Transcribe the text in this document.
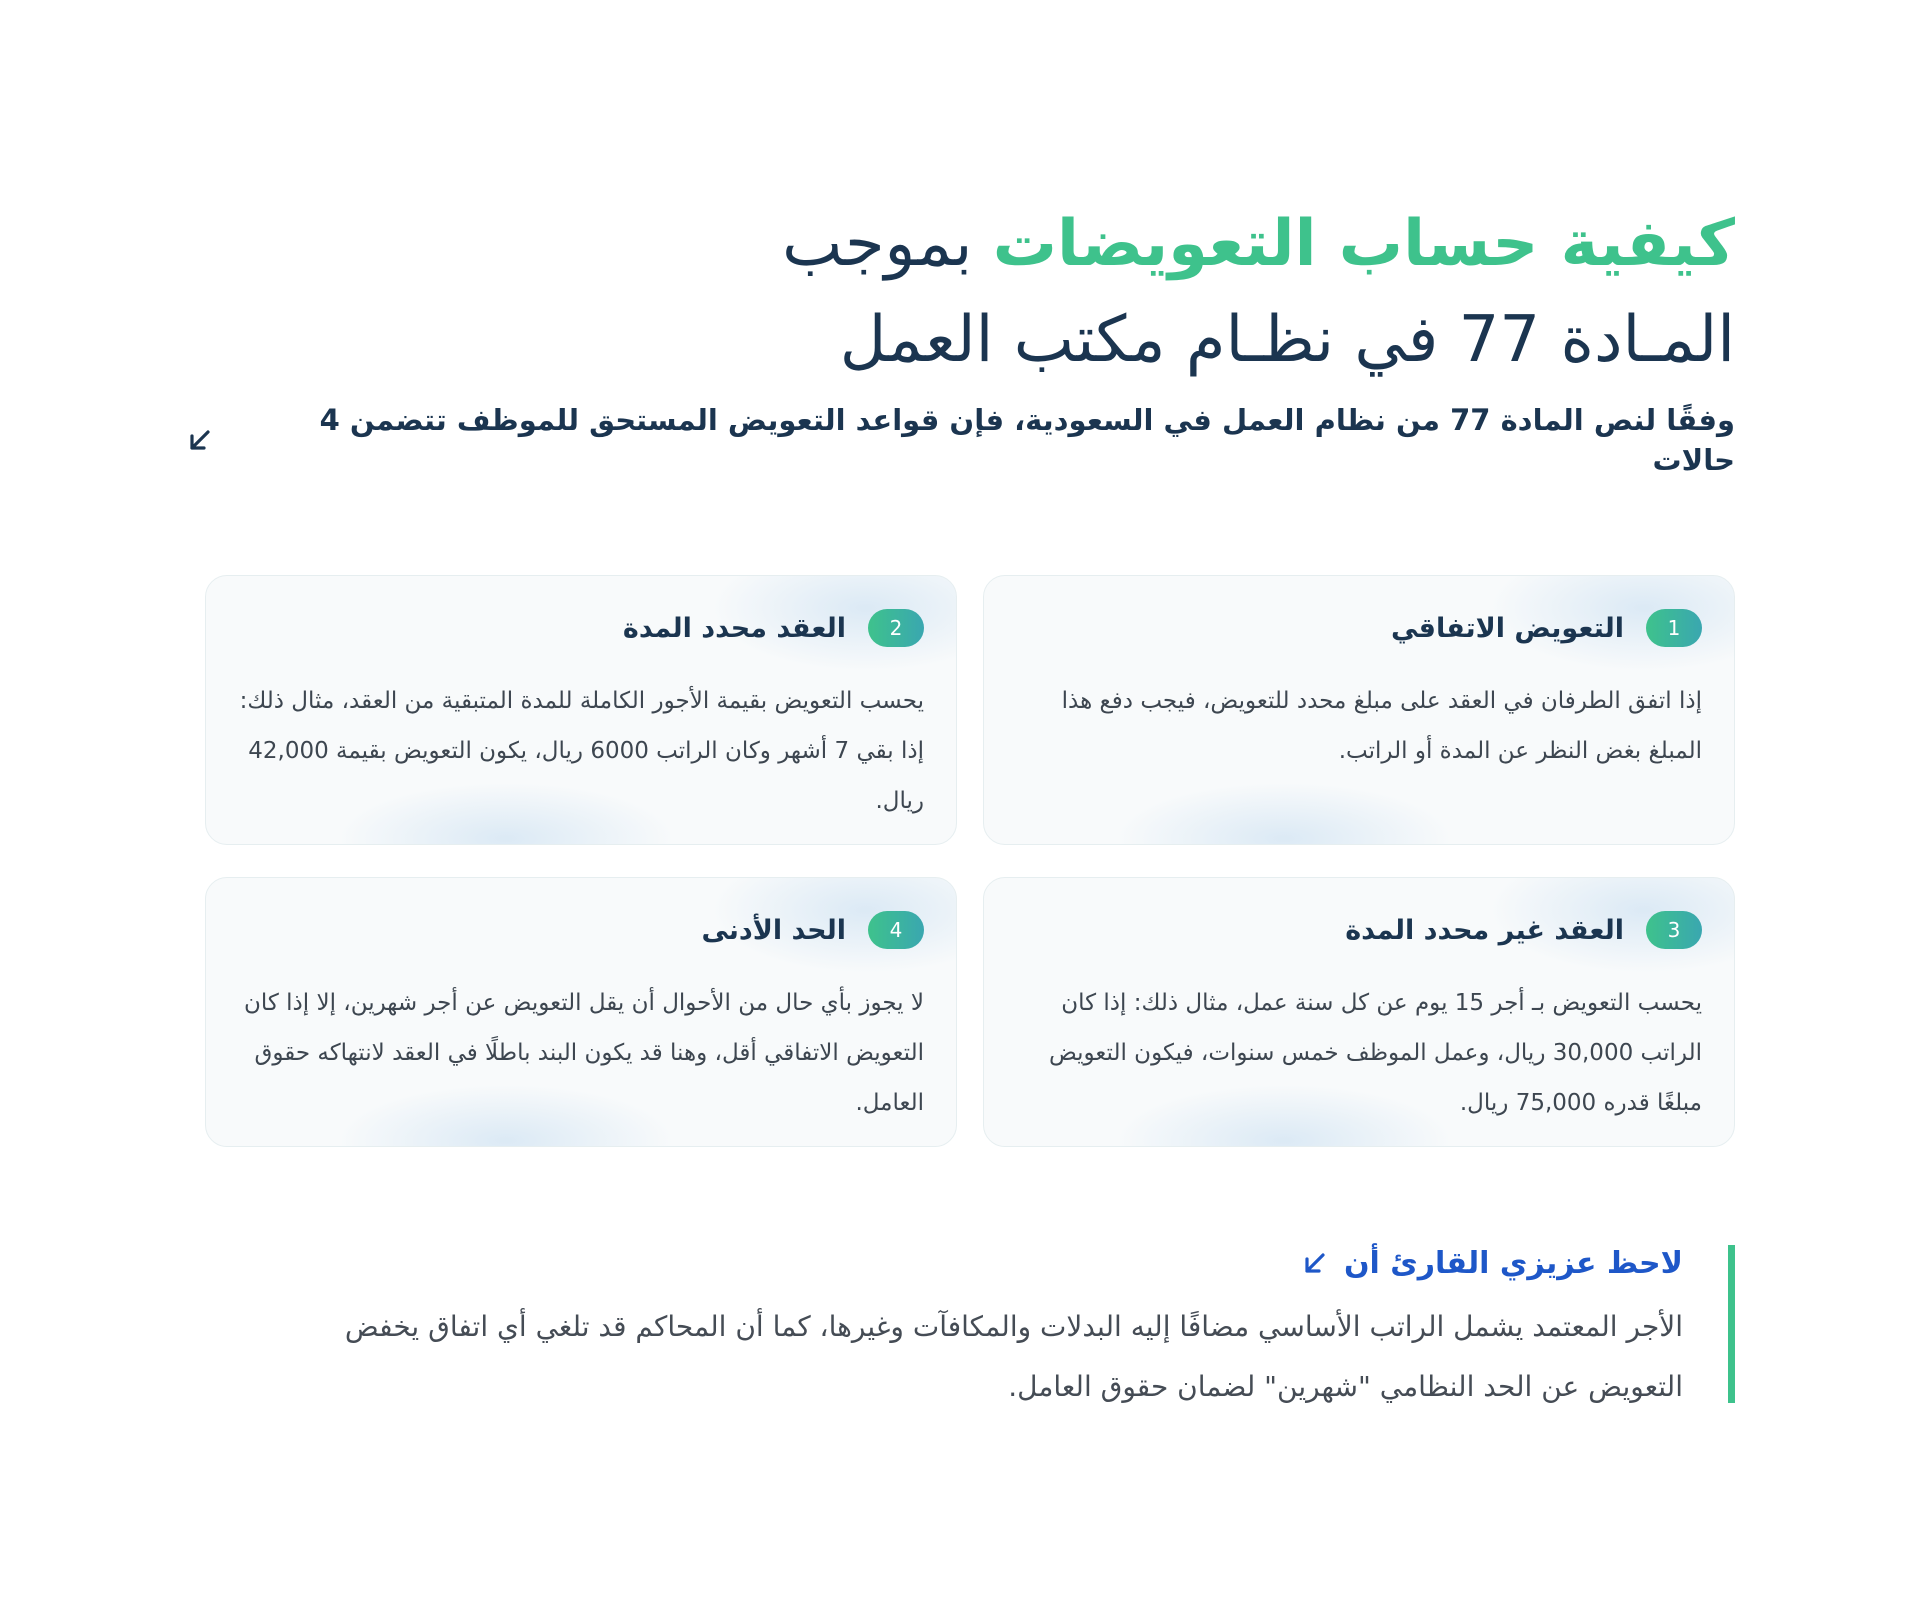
كيفية حساب التعويضات بموجب
المـادة 77 في نظـام مكتب العمل
وفقًا لنص المادة 77 من نظام العمل في السعودية، فإن قواعد التعويض المستحق للموظف تتضمن 4 حالات
1
التعويض الاتفاقي
إذا اتفق الطرفان في العقد على مبلغ محدد للتعويض، فيجب دفع هذا المبلغ بغض النظر عن المدة أو الراتب.
2
العقد محدد المدة
يحسب التعويض بقيمة الأجور الكاملة للمدة المتبقية من العقد، مثال ذلك: إذا بقي 7 أشهر وكان الراتب 6000 ريال، يكون التعويض بقيمة 42,000 ريال.
3
العقد غير محدد المدة
يحسب التعويض بـ أجر 15 يوم عن كل سنة عمل، مثال ذلك: إذا كان الراتب 30,000 ريال، وعمل الموظف خمس سنوات، فيكون التعويض مبلغًا قدره 75,000 ريال.
4
الحد الأدنى
لا يجوز بأي حال من الأحوال أن يقل التعويض عن أجر شهرين، إلا إذا كان التعويض الاتفاقي أقل، وهنا قد يكون البند باطلًا في العقد لانتهاكه حقوق العامل.
لاحظ عزيزي القارئ أن
الأجر المعتمد يشمل الراتب الأساسي مضافًا إليه البدلات والمكافآت وغيرها، كما أن المحاكم قد تلغي أي اتفاق يخفض التعويض عن الحد النظامي "شهرين" لضمان حقوق العامل.
